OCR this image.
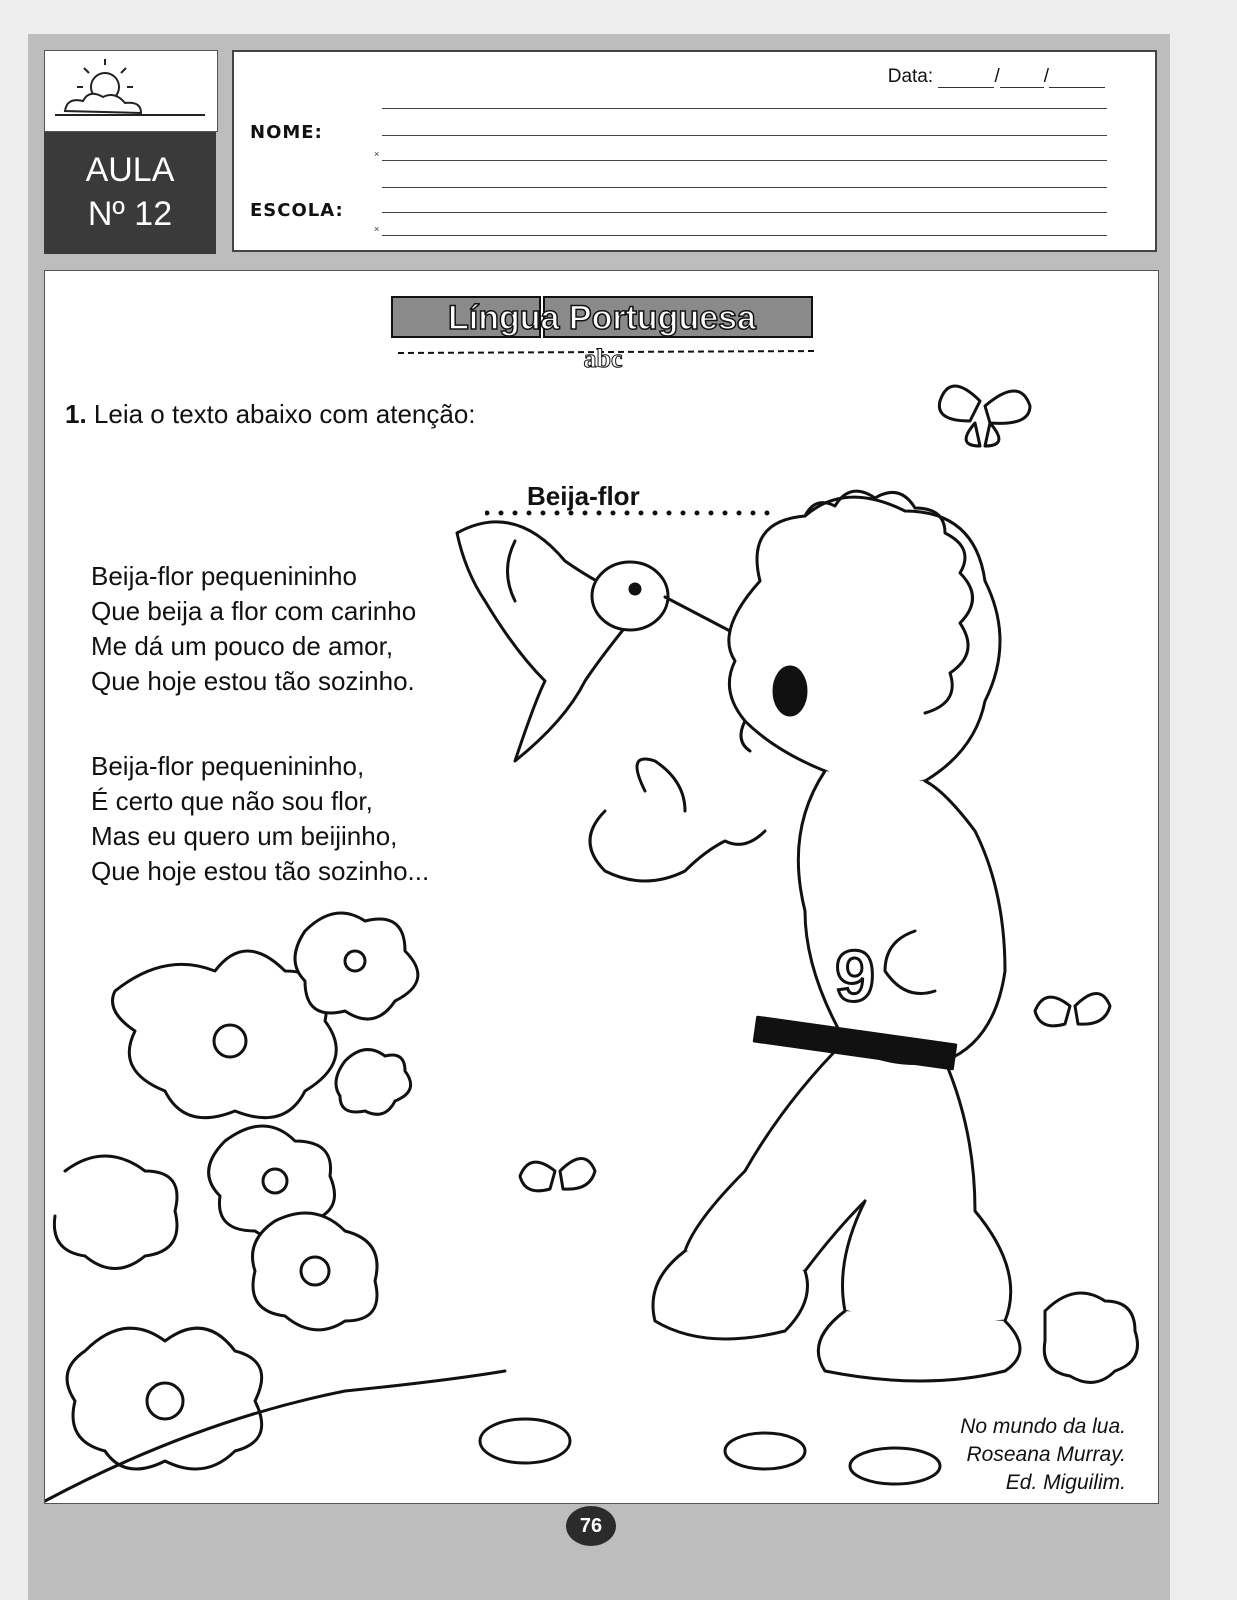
AULA
Nº 12
Data:	/ /
×
×
NOME:
ESCOLA:
9
Língua Portuguesa
abc
1. Leia o texto abaixo com atenção:
Beija-flor
Beija-flor pequenininho
Que beija a flor com carinho
Me dá um pouco de amor,
Que hoje estou tão sozinho.
Beija-flor pequenininho,
É certo que não sou flor,
Mas eu quero um beijinho,
Que hoje estou tão sozinho...
No mundo da lua.
Roseana Murray.
Ed. Miguilim.
76
